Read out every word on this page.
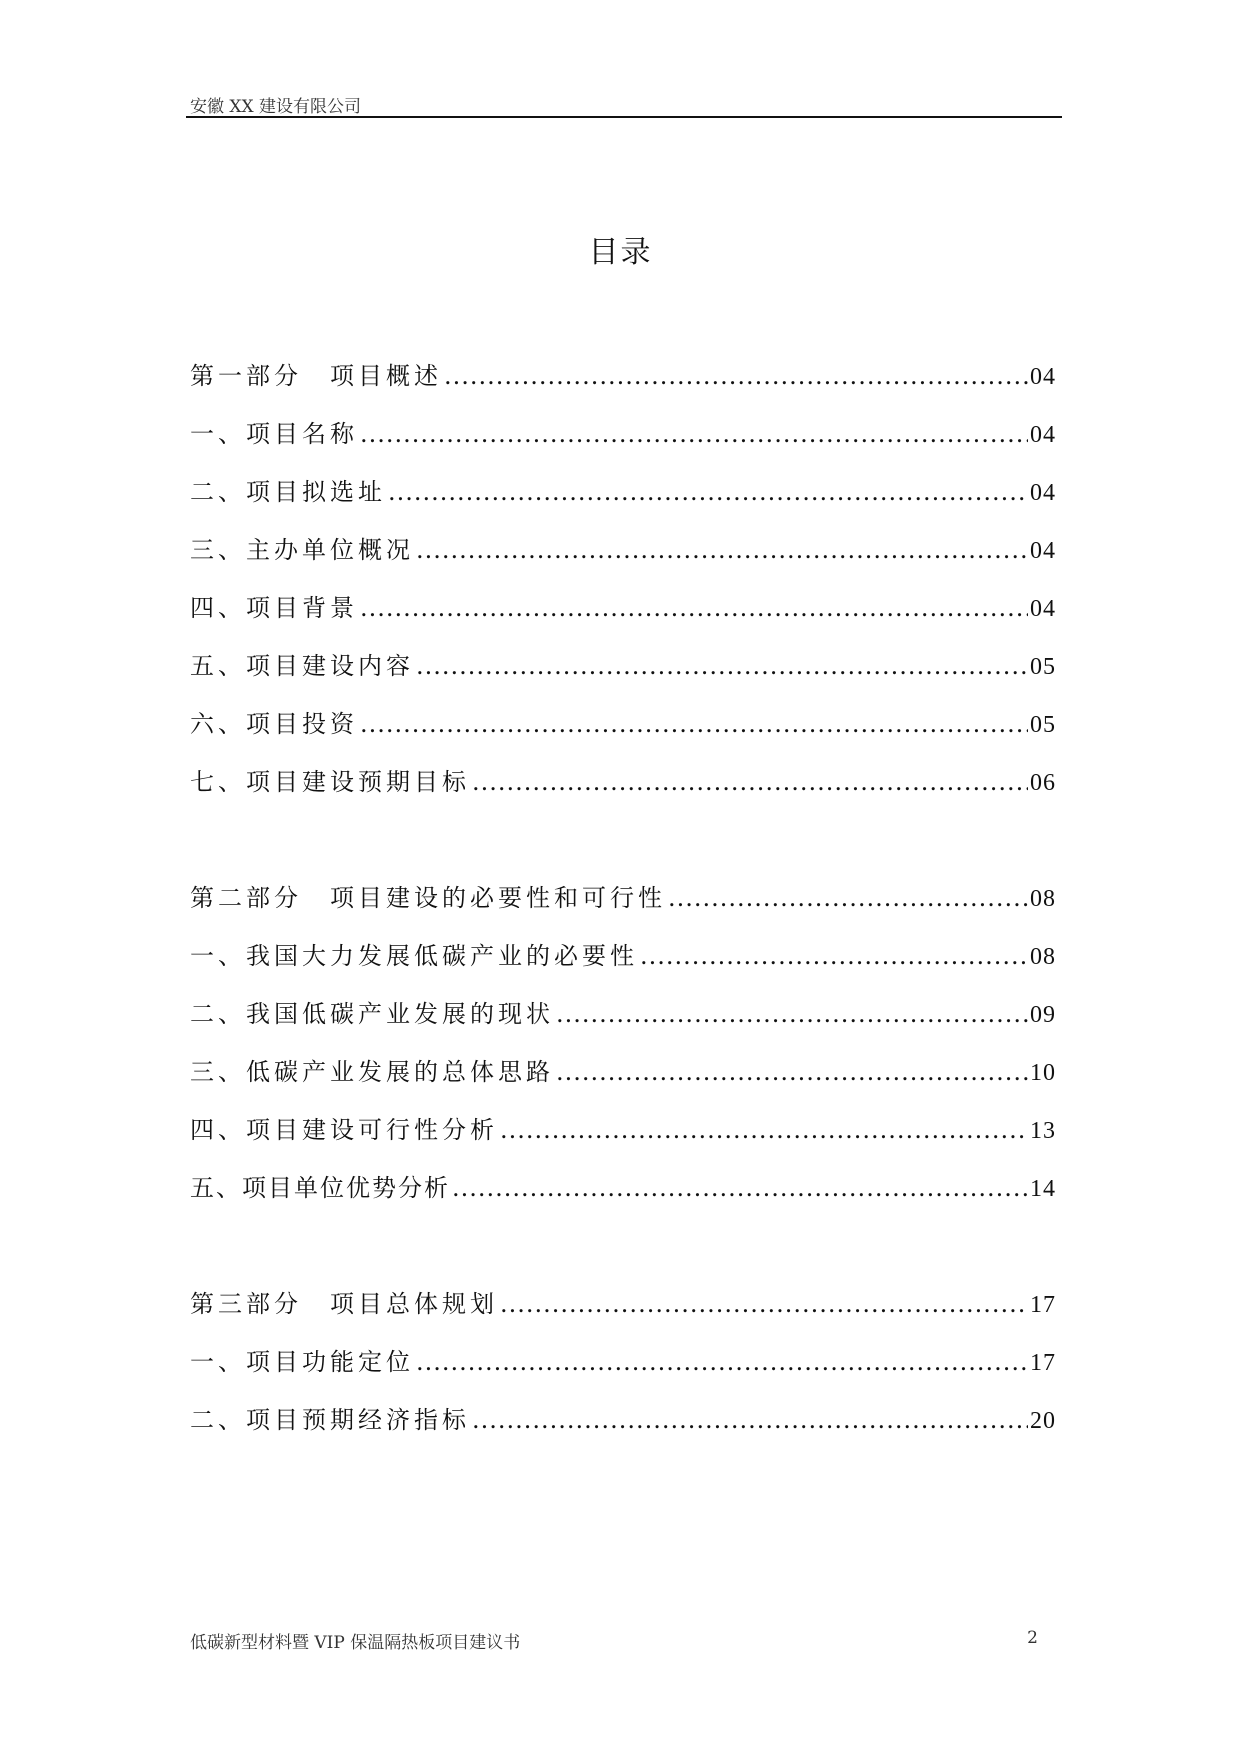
安徽 XX 建设有限公司
目录
第一部分　项目概述 .....	04
一、项目名称 .....	04
二、项目拟选址 .....	04
三、主办单位概况 .....	04
四、项目背景 .....	04
五、项目建设内容 .....	05
六、项目投资 .....	05
七、项目建设预期目标 .....	06
第二部分　项目建设的必要性和可行性 .....	08
一、我国大力发展低碳产业的必要性 .....	08
二、我国低碳产业发展的现状 .....	09
三、低碳产业发展的总体思路 .....	10
四、项目建设可行性分析 .....	13
五、项目单位优势分析 .....	14
第三部分　项目总体规划 .....	17
一、项目功能定位 .....	17
二、项目预期经济指标 .....	20
低碳新型材料暨 VIP 保温隔热板项目建议书	2
